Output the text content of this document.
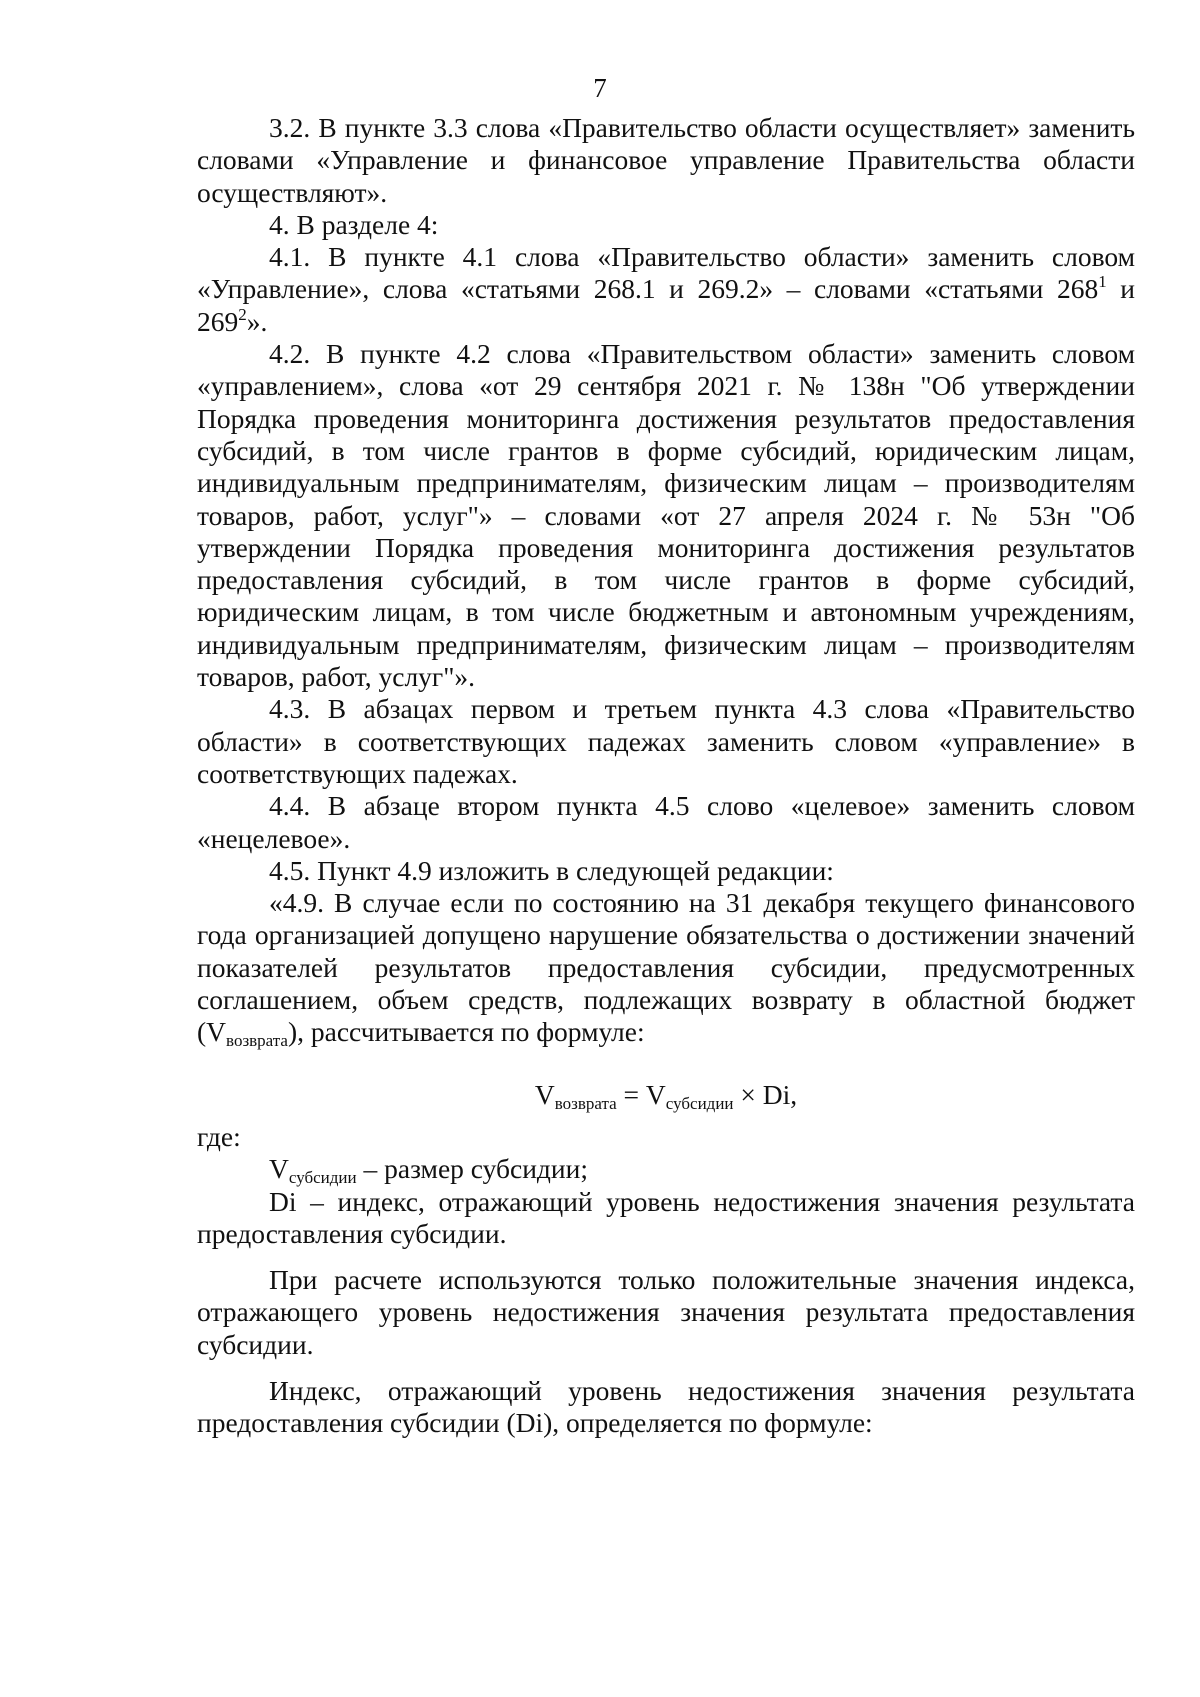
7

3.2. В пункте 3.3 слова «Правительство области осуществляет» заменить словами «Управление и финансовое управление Правительства области осуществляют».

4. В разделе 4:

4.1. В пункте 4.1 слова «Правительство области» заменить словом «Управление», слова «статьями 268.1 и 269.2» – словами «статьями $268^1$ и $269^2$».

4.2. В пункте 4.2 слова «Правительством области» заменить словом «управлением», слова «от 29 сентября 2021 г. № 138н "Об утверждении Порядка проведения мониторинга достижения результатов предоставления субсидий, в том числе грантов в форме субсидий, юридическим лицам, индивидуальным предпринимателям, физическим лицам – производителям товаров, работ, услуг"» – словами «от 27 апреля 2024 г. № 53н "Об утверждении Порядка проведения мониторинга достижения результатов предоставления субсидий, в том числе грантов в форме субсидий, юридическим лицам, в том числе бюджетным и автономным учреждениям, индивидуальным предпринимателям, физическим лицам – производителям товаров, работ, услуг"».

4.3. В абзацах первом и третьем пункта 4.3 слова «Правительство области» в соответствующих падежах заменить словом «управление» в соответствующих падежах.

4.4. В абзаце втором пункта 4.5 слово «целевое» заменить словом «нецелевое».

4.5. Пункт 4.9 изложить в следующей редакции:

«4.9. В случае если по состоянию на 31 декабря текущего финансового года организацией допущено нарушение обязательства о достижении значений показателей результатов предоставления субсидии, предусмотренных соглашением, объем средств, подлежащих возврату в областной бюджет $(V_{возврата})$, рассчитывается по формуле:

$V_{возврата} = V_{субсидии} \times Di$,

где:

$V_{субсидии}$ – размер субсидии;

Di – индекс, отражающий уровень недостижения значения результата предоставления субсидии.

При расчете используются только положительные значения индекса, отражающего уровень недостижения значения результата предоставления субсидии.

Индекс, отражающий уровень недостижения значения результата предоставления субсидии (Di), определяется по формуле:
